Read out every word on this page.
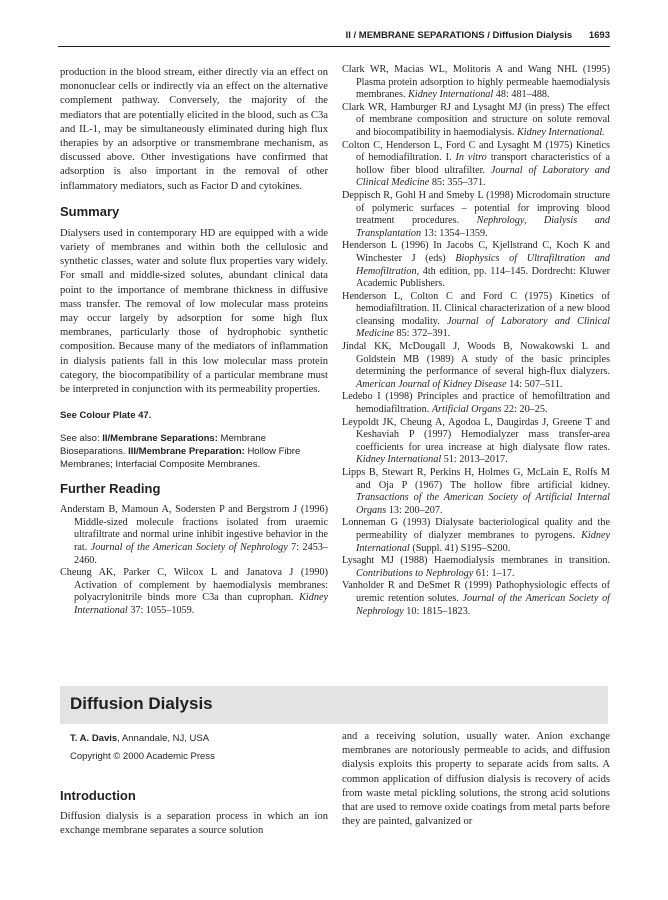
II / MEMBRANE SEPARATIONS / Diffusion Dialysis 1693

production in the blood stream, either directly via an effect on mononuclear cells or indirectly via an effect on the alternative complement pathway. Conversely, the majority of the mediators that are potentially elicited in the blood, such as C3a and IL-1, may be simultaneously eliminated during high flux therapies by an adsorptive or transmembrane mechanism, as discussed above. Other investigations have confirmed that adsorption is also important in the removal of other inflammatory mediators, such as Factor D and cytokines.

Summary

Dialysers used in contemporary HD are equipped with a wide variety of membranes and within both the cellulosic and synthetic classes, water and solute flux properties vary widely. For small and middle-sized solutes, abundant clinical data point to the importance of membrane thickness in diffusive mass transfer. The removal of low molecular mass proteins may occur largely by adsorption for some high flux membranes, particularly those of hydrophobic synthetic composition. Because many of the mediators of inflammation in dialysis patients fall in this low molecular mass protein category, the biocompatibility of a particular membrane must be interpreted in conjunction with its permeability properties.

See Colour Plate 47.
See also: II/Membrane Separations: Membrane Bioseparations. III/Membrane Preparation: Hollow Fibre Membranes; Interfacial Composite Membranes.
Further Reading

Anderstam B, Mamoun A, Sodersten P and Bergstrom J (1996) Middle-sized molecule fractions isolated from uraemic ultrafiltrate and normal urine inhibit ingestive behavior in the rat. Journal of the American Society of Nephrology 7: 2453–2460.

Cheung AK, Parker C, Wilcox L and Janatova J (1990) Activation of complement by haemodialysis membranes: polyacrylonitrile binds more C3a than cuprophan. Kidney International 37: 1055–1059.

Clark WR, Macias WL, Molitoris A and Wang NHL (1995) Plasma protein adsorption to highly permeable haemodialysis membranes. Kidney International 48: 481–488.

Clark WR, Hamburger RJ and Lysaght MJ (in press) The effect of membrane composition and structure on solute removal and biocompatibility in haemodialysis. Kidney International.

Colton C, Henderson L, Ford C and Lysaght M (1975) Kinetics of hemodiafiltration. I. In vitro transport characteristics of a hollow fiber blood ultrafilter. Journal of Laboratory and Clinical Medicine 85: 355–371.

Deppisch R, Gohl H and Smeby L (1998) Microdomain structure of polymeric surfaces – potential for improving blood treatment procedures. Nephrology, Dialysis and Transplantation 13: 1354–1359.

Henderson L (1996) In Jacobs C, Kjellstrand C, Koch K and Winchester J (eds) Biophysics of Ultrafiltration and Hemofiltration, 4th edition, pp. 114–145. Dordrecht: Kluwer Academic Publishers.

Henderson L, Colton C and Ford C (1975) Kinetics of hemodiafiltration. II. Clinical characterization of a new blood cleansing modality. Journal of Laboratory and Clinical Medicine 85: 372–391.

Jindal KK, McDougall J, Woods B, Nowakowski L and Goldstein MB (1989) A study of the basic principles determining the performance of several high-flux dialyzers. American Journal of Kidney Disease 14: 507–511.

Ledebo I (1998) Principles and practice of hemofiltration and hemodiafiltration. Artificial Organs 22: 20–25.

Leypoldt JK, Cheung A, Agodoa L, Daugirdas J, Greene T and Keshaviah P (1997) Hemodialyzer mass transfer-area coefficients for urea increase at high dialysate flow rates. Kidney International 51: 2013–2017.

Lipps B, Stewart R, Perkins H, Holmes G, McLain E, Rolfs M and Oja P (1967) The hollow fibre artificial kidney. Transactions of the American Society of Artificial Internal Organs 13: 200–207.

Lonneman G (1993) Dialysate bacteriological quality and the permeability of dialyzer membranes to pyrogens. Kidney International (Suppl. 41) S195–S200.

Lysaght MJ (1988) Haemodialysis membranes in transition. Contributions to Nephrology 61: 1–17.

Vanholder R and DeSmet R (1999) Pathophysiologic effects of uremic retention solutes. Journal of the American Society of Nephrology 10: 1815–1823.

Diffusion Dialysis
T. A. Davis, Annandale, NJ, USA
Copyright © 2000 Academic Press
Introduction

Diffusion dialysis is a separation process in which an ion exchange membrane separates a source solution

and a receiving solution, usually water. Anion exchange membranes are notoriously permeable to acids, and diffusion dialysis exploits this property to separate acids from salts. A common application of diffusion dialysis is recovery of acids from waste metal pickling solutions, the strong acid solutions that are used to remove oxide coatings from metal parts before they are painted, galvanized or
